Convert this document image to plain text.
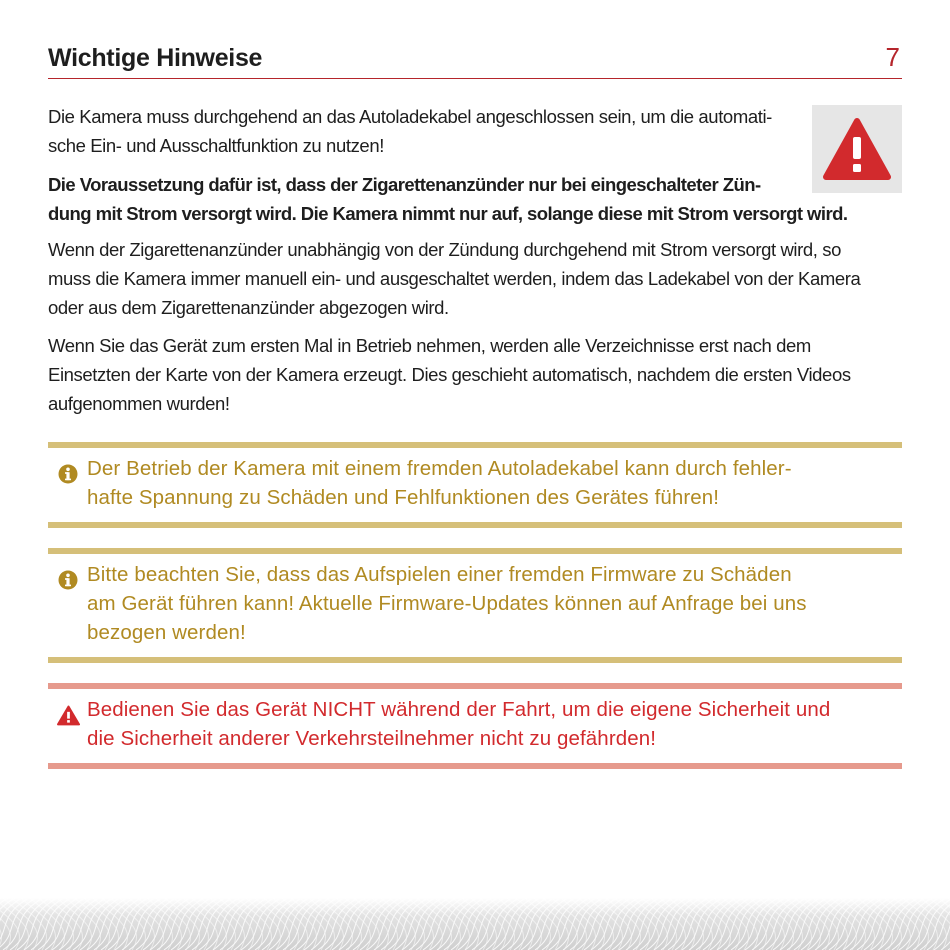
Wichtige Hinweise	7
Die Kamera muss durchgehend an das Autoladekabel angeschlossen sein, um die automati-
sche Ein- und Ausschaltfunktion zu nutzen!
Die Voraussetzung dafür ist, dass der Zigarettenanzünder nur bei eingeschalteter Zün-
dung mit Strom versorgt wird. Die Kamera nimmt nur auf, solange diese mit Strom versorgt wird.
Wenn der Zigarettenanzünder unabhängig von der Zündung durchgehend mit Strom versorgt wird, so
muss die Kamera immer manuell ein- und ausgeschaltet werden, indem das Ladekabel von der Kamera
oder aus dem Zigarettenanzünder abgezogen wird.
Wenn Sie das Gerät zum ersten Mal in Betrieb nehmen, werden alle Verzeichnisse erst nach dem
Einsetzten der Karte von der Kamera erzeugt. Dies geschieht automatisch, nachdem die ersten Videos
aufgenommen wurden!
Der Betrieb der Kamera mit einem fremden Autoladekabel kann durch fehler-
hafte Spannung zu Schäden und Fehlfunktionen des Gerätes führen!
Bitte beachten Sie, dass das Aufspielen einer fremden Firmware zu Schäden
am Gerät führen kann! Aktuelle Firmware-Updates können auf Anfrage bei uns
bezogen werden!
Bedienen Sie das Gerät NICHT während der Fahrt, um die eigene Sicherheit und
die Sicherheit anderer Verkehrsteilnehmer nicht zu gefährden!
